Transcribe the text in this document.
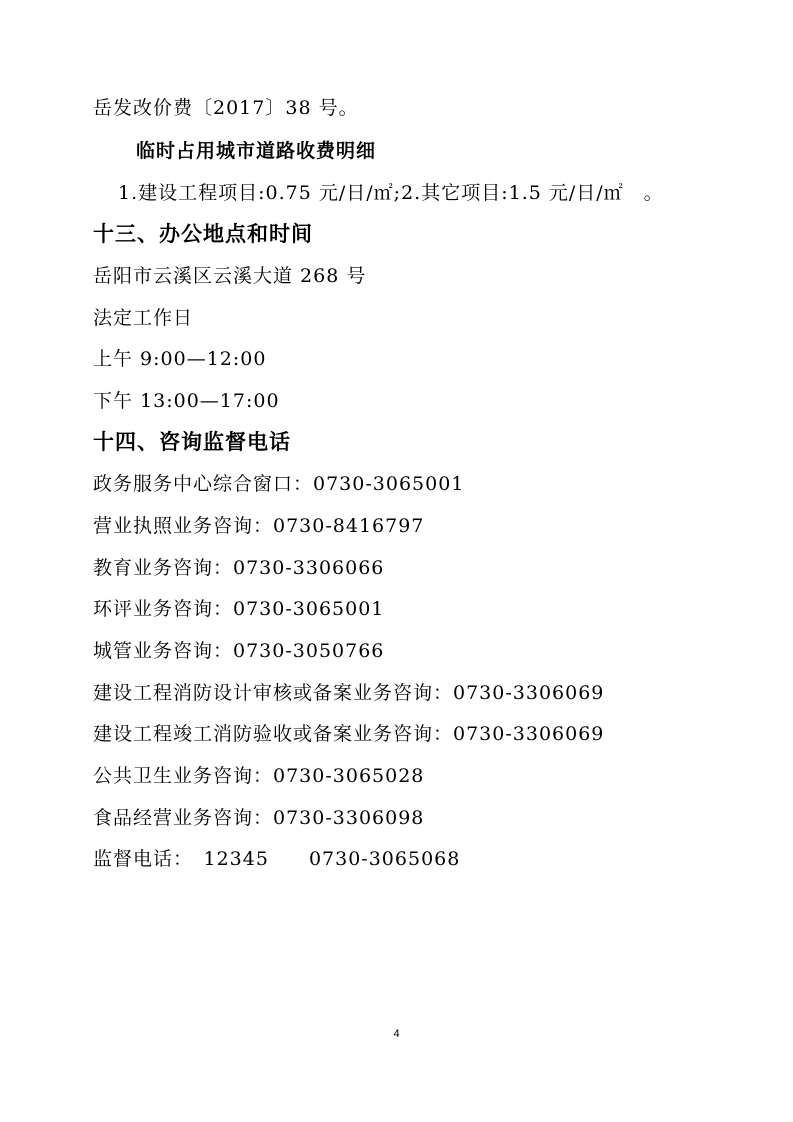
岳发改价费〔2017〕38 号。
临时占用城市道路收费明细
1.建设工程项目:0.75 元/日/㎡;2.其它项目:1.5 元/日/㎡　。
十三、办公地点和时间
岳阳市云溪区云溪大道 268 号
法定工作日
上午 9:00—12:00
下午 13:00—17:00
十四、咨询监督电话
政务服务中心综合窗口：0730-3065001
营业执照业务咨询：0730-8416797
教育业务咨询：0730-3306066
环评业务咨询：0730-3065001
城管业务咨询：0730-3050766
建设工程消防设计审核或备案业务咨询：0730-3306069
建设工程竣工消防验收或备案业务咨询：0730-3306069
公共卫生业务咨询：0730-3065028
食品经营业务咨询：0730-3306098
监督电话：　12345　　0730-3065068
4
